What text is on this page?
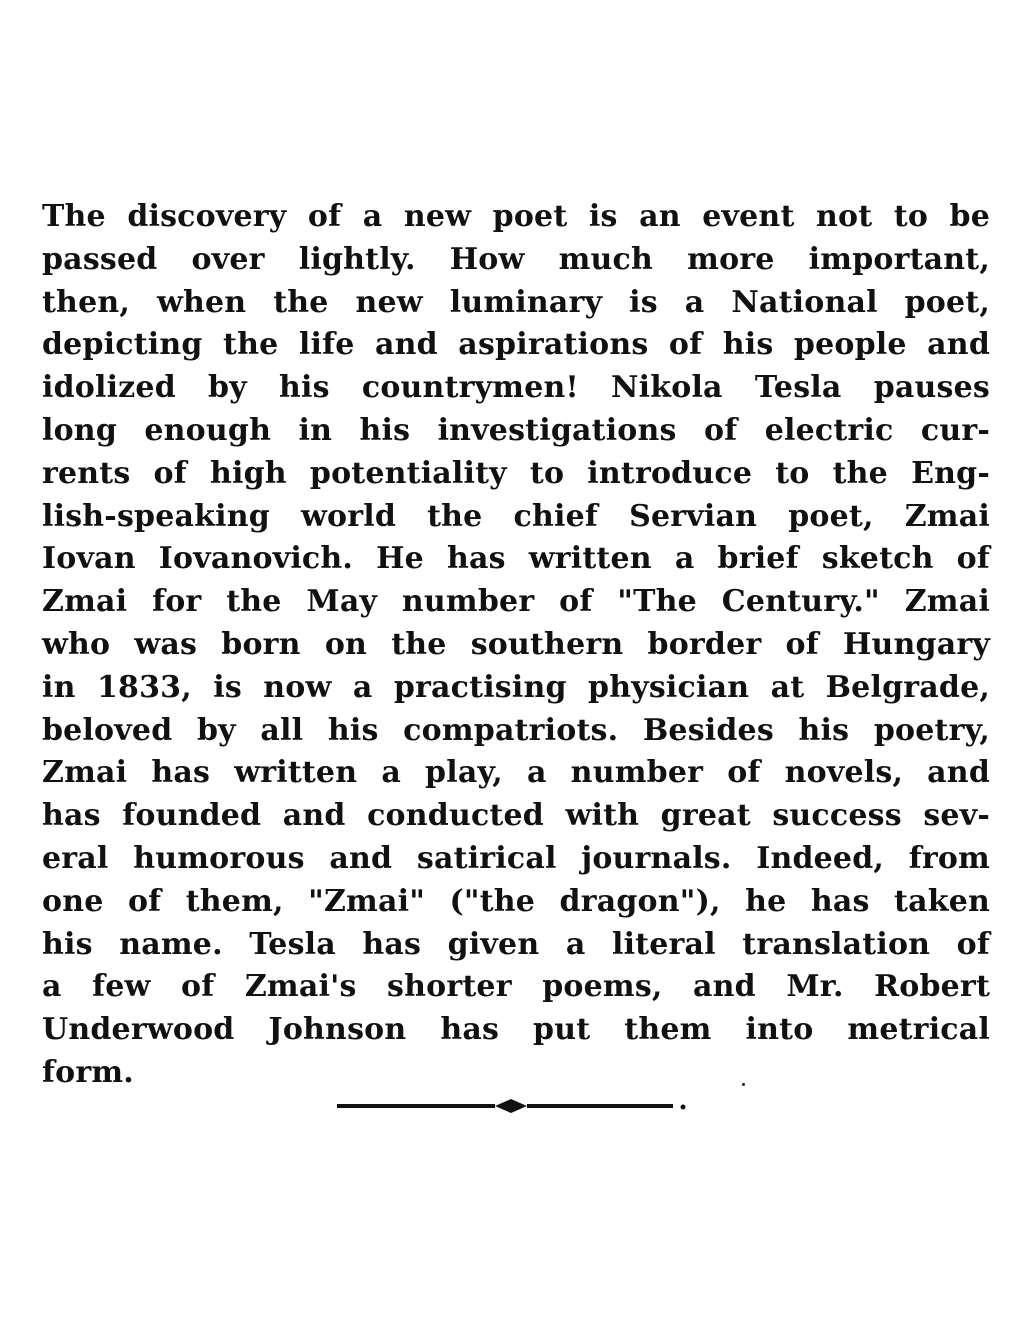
The discovery of a new poet is an event not to be
passed over lightly. How much more important,
then, when the new luminary is a National poet,
depicting the life and aspirations of his people and
idolized by his countrymen! Nikola Tesla pauses
long enough in his investigations of electric cur-
rents of high potentiality to introduce to the Eng-
lish-speaking world the chief Servian poet, Zmai
Iovan Iovanovich. He has written a brief sketch of
Zmai for the May number of "The Century." Zmai
who was born on the southern border of Hungary
in 1833, is now a practising physician at Belgrade,
beloved by all his compatriots. Besides his poetry,
Zmai has written a play, a number of novels, and
has founded and conducted with great success sev-
eral humorous and satirical journals. Indeed, from
one of them, "Zmai" ("the dragon"), he has taken
his name. Tesla has given a literal translation of
a few of Zmai's shorter poems, and Mr. Robert
Underwood Johnson has put them into metrical
form.
